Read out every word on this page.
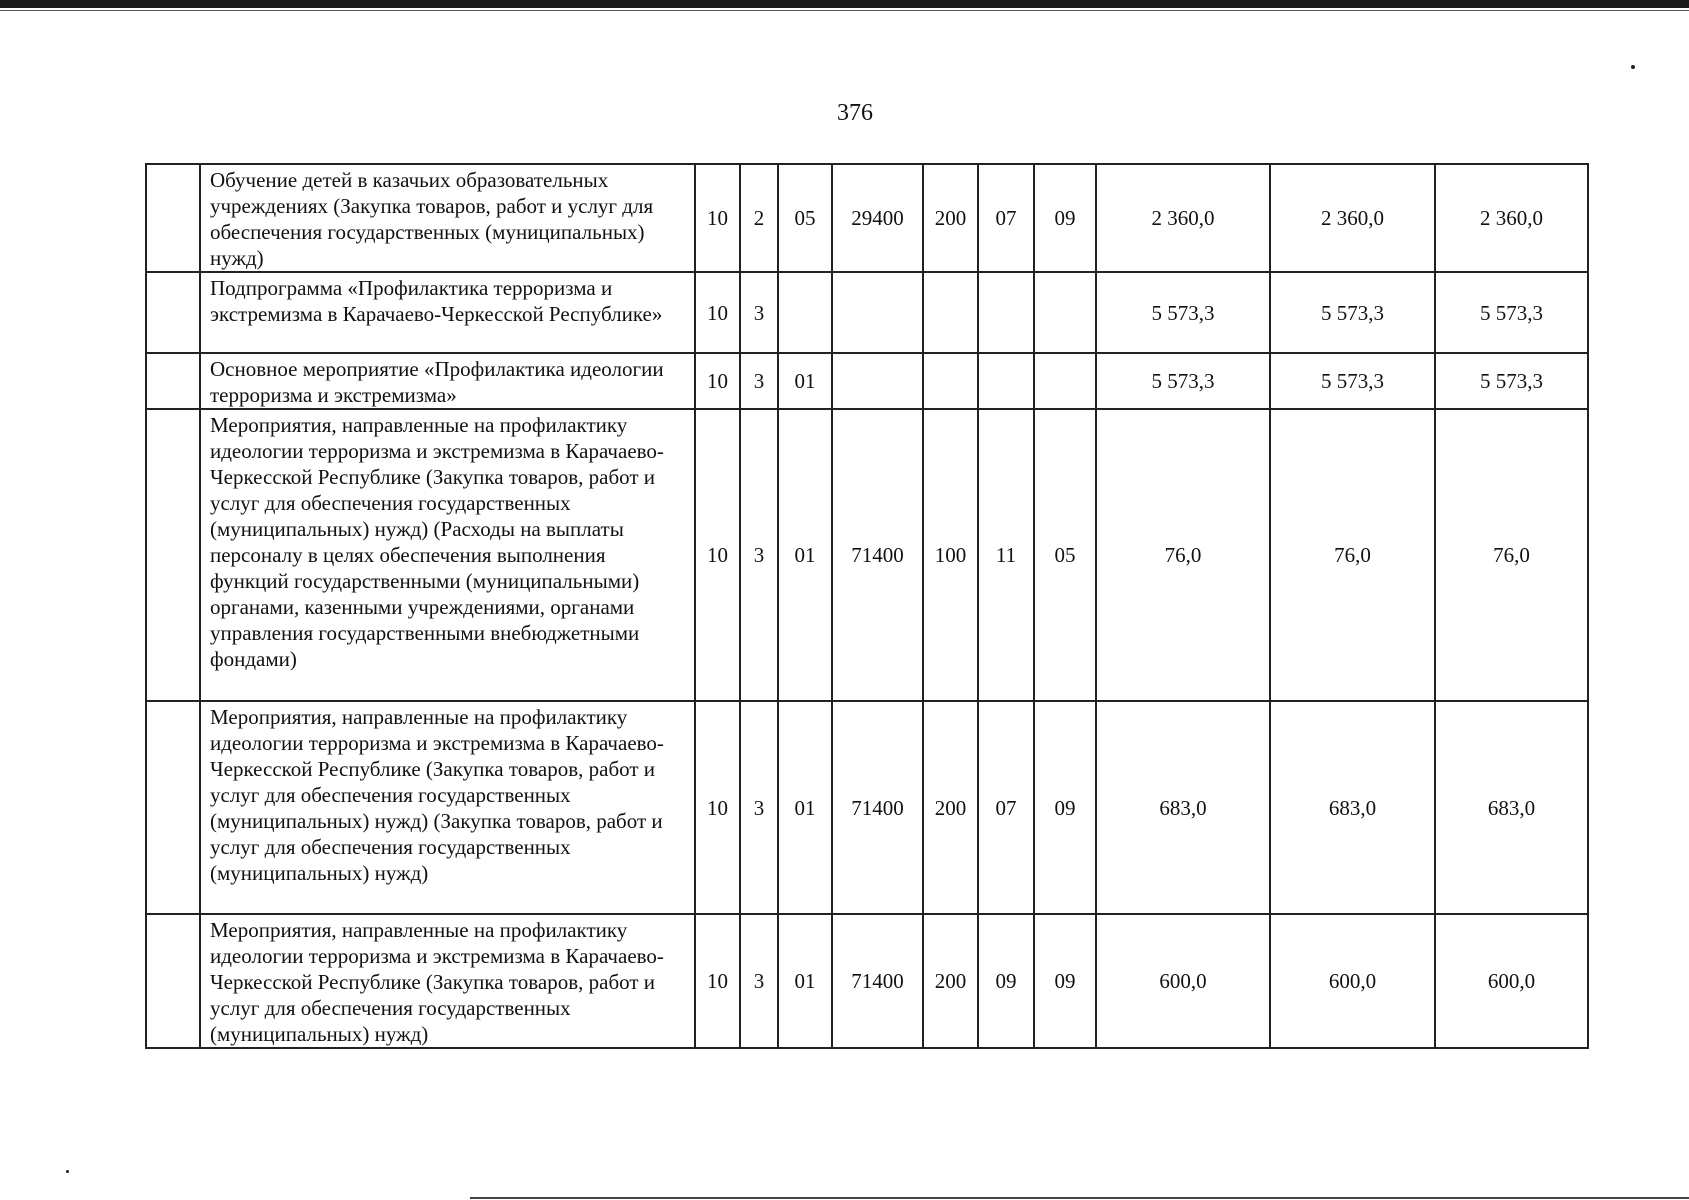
376
	Обучение детей в казачьих образовательных учреждениях (Закупка товаров, работ и услуг для обеспечения государственных (муниципальных) нужд)	10	2	05	29400	200	07	09	2 360,0	2 360,0	2 360,0
	Подпрограмма «Профилактика терроризма и экстремизма в Карачаево-Черкесской Республике»	10	3						5 573,3	5 573,3	5 573,3
	Основное мероприятие «Профилактика идеологии терроризма и экстремизма»	10	3	01					5 573,3	5 573,3	5 573,3
	Мероприятия, направленные на профилактику идеологии терроризма и экстремизма в Карачаево-Черкесской Республике (Закупка товаров, работ и услуг для обеспечения государственных (муниципальных) нужд) (Расходы на выплаты персоналу в целях обеспечения выполнения функций государственными (муниципальными) органами, казенными учреждениями, органами управления государственными внебюджетными фондами)	10	3	01	71400	100	11	05	76,0	76,0	76,0
	Мероприятия, направленные на профилактику идеологии терроризма и экстремизма в Карачаево-Черкесской Республике (Закупка товаров, работ и услуг для обеспечения государственных (муниципальных) нужд) (Закупка товаров, работ и услуг для обеспечения государственных (муниципальных) нужд)	10	3	01	71400	200	07	09	683,0	683,0	683,0
	Мероприятия, направленные на профилактику идеологии терроризма и экстремизма в Карачаево-Черкесской Республике (Закупка товаров, работ и услуг для обеспечения государственных (муниципальных) нужд)	10	3	01	71400	200	09	09	600,0	600,0	600,0
